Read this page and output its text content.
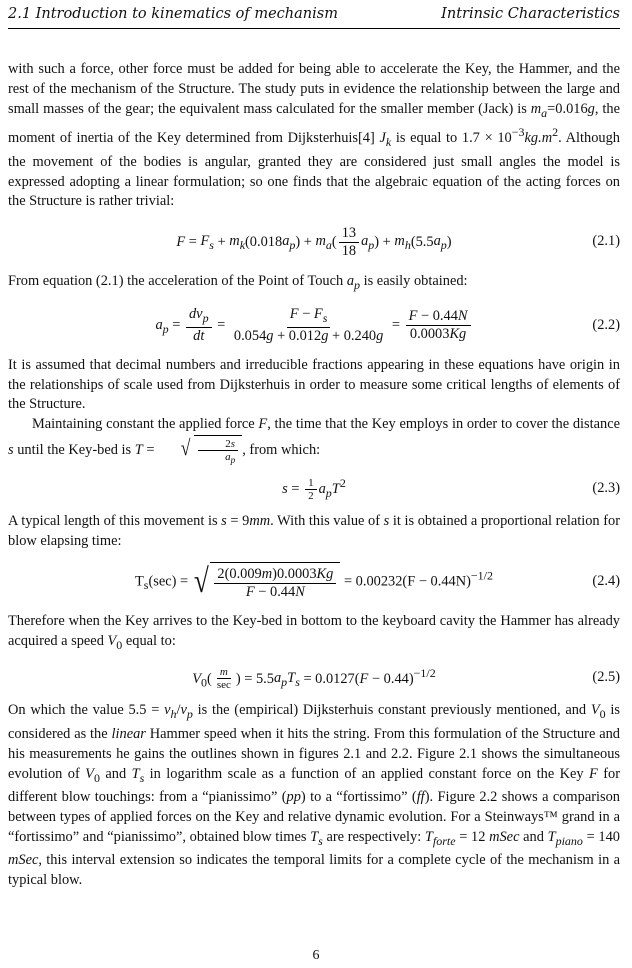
2.1 Introduction to kinematics of mechanism	Intrinsic Characteristics

with such a force, other force must be added for being able to accelerate the Key, the Hammer, and the rest of the mechanism of the Structure. The study puts in evidence the relationship between the large and small masses of the gear; the equivalent mass calculated for the smaller member (Jack) is $m_a=0.016g$, the moment of inertia of the Key determined from Dijksterhuis[4] $J_k$ is equal to $1.7 \times 10^{-3}kg.m^2$. Although the movement of the bodies is angular, granted they are considered just small angles the model is expressed adopting a linear formulation; so one finds that the algebraic equation of the acting forces on the Structure is rather trivial:

$F = F_s + m_k(0.018a_p) + m_a( \frac{13}{18} a_p) + m_h(5.5a_p)$	(2.1)

From equation (2.1) the acceleration of the Point of Touch $a_p$ is easily obtained:

$a_p = \frac{dv_p}{dt} = \frac{F - F_s}{0.054g + 0.012g + 0.240g} = \frac{F - 0.44N}{0.0003Kg}$	(2.2)

It is assumed that decimal numbers and irreducible fractions appearing in these equations have origin in the relationships of scale used from Dijksterhuis in order to measure some critical lengths of elements of the Structure.

Maintaining constant the applied force F, the time that the Key employs in order to cover the distance s until the Key-bed is T =	√ $\frac{2s}{a_p}$ , from which:

$s = \frac{1}{2} a_pT^2$	(2.3)

A typical length of this movement is s = 9mm. With this value of s it is obtained a proportional relation for blow elapsing time:

$T_s(\sec)$ = √ $\frac{2(0.009m)0.0003Kg}{F - 0.44N} = 0.00232(F - 0.44N)^{-1/2}$	(2.4)

Therefore when the Key arrives to the Key-bed in bottom to the keyboard cavity the Hammer has already acquired a speed $V_0$ equal to:

$V_0( \frac{m}{\sec}$ ) = $5.5a_pT_s = 0.0127(F - 0.44)^{-1/2}$	(2.5)

On which the value $5.5 = v_h/v_p$ is the (empirical) Dijksterhuis constant previously mentioned, and $V_0$ is considered as the linear Hammer speed when it hits the string. From this formulation of the Structure and his measurements he gains the outlines shown in figures 2.1 and 2.2. Figure 2.1 shows the simultaneous evolution of $V_0$ and $T_s$ in logarithm scale as a function of an applied constant force on the Key F for different blow touchings: from a “pianissimo” (pp) to a “fortissimo” (ff). Figure 2.2 shows a comparison between types of applied forces on the Key and relative dynamic evolution. For a Steinways™ grand in a “fortissimo” and “pianissimo”, obtained blow times $T_s$ are respectively: $T_{forte} = 12$ mSec and $T_{piano} = 140$ mSec, this interval extension so indicates the temporal limits for a complete cycle of the mechanism in a typical blow.

6
